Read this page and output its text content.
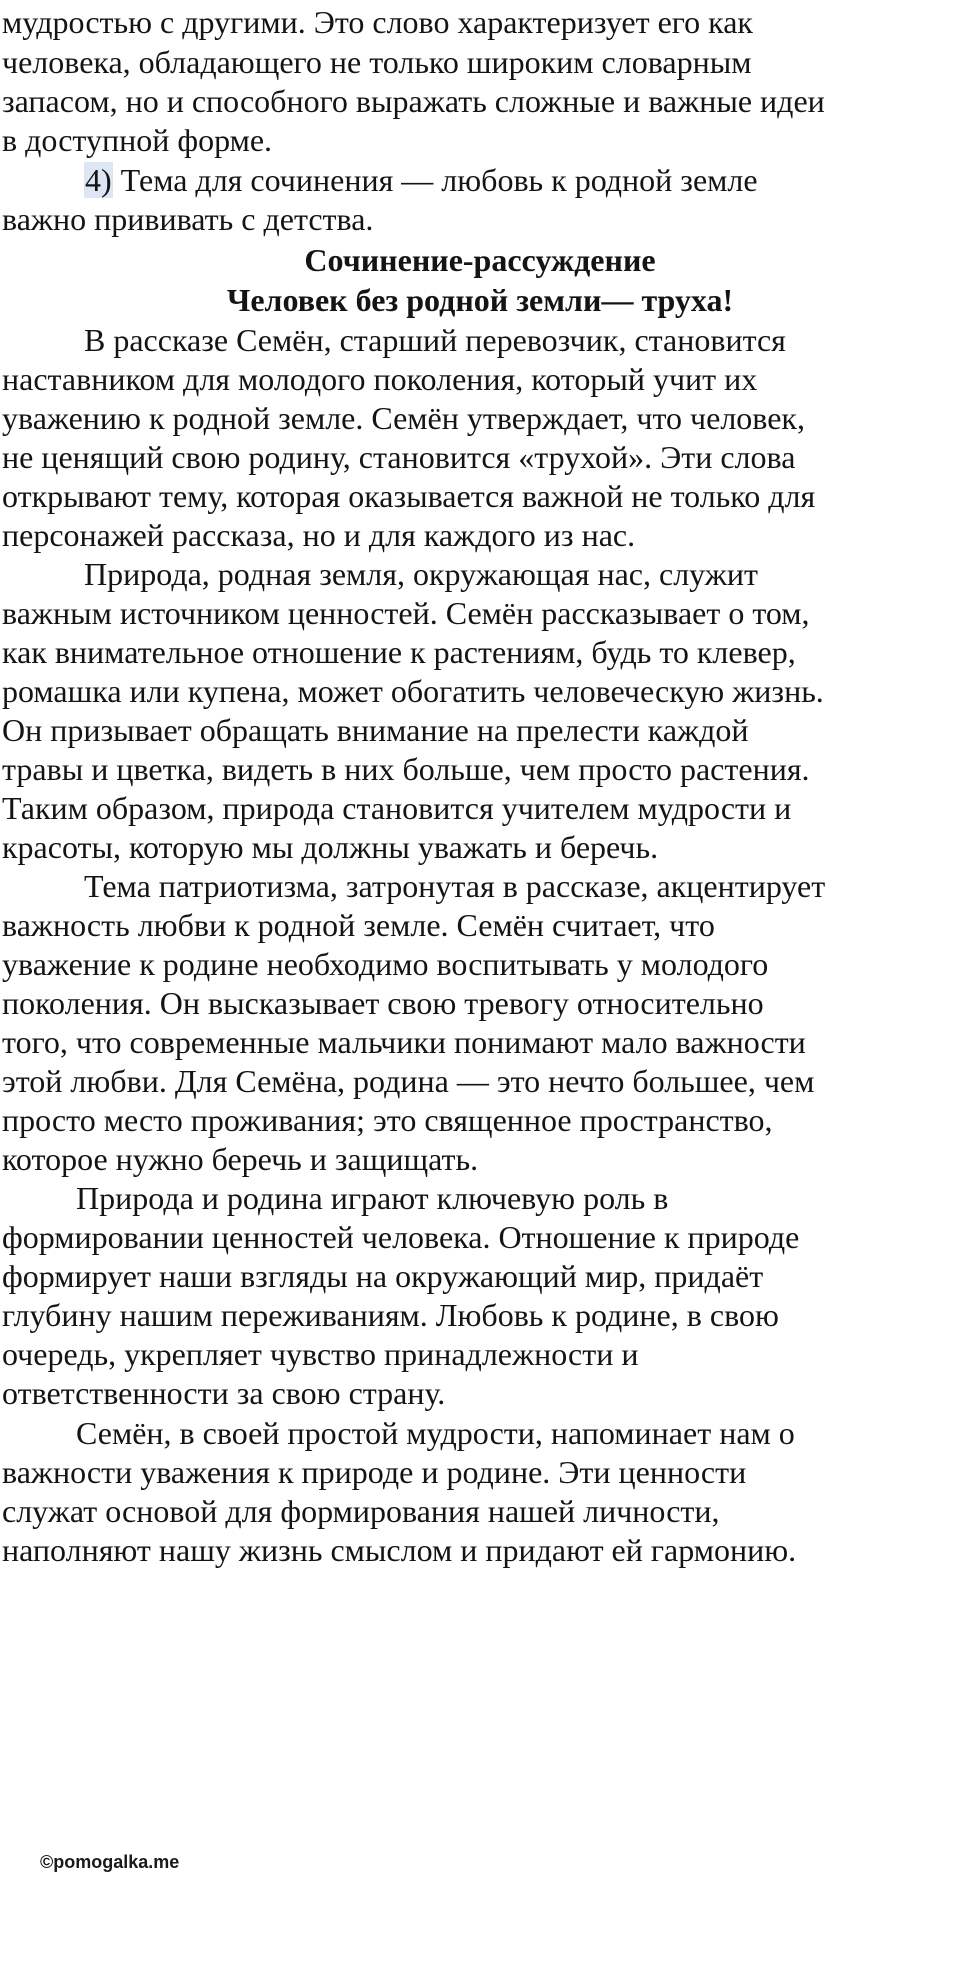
мудростью с другими. Это слово характеризует его как
человека, обладающего не только широким словарным
запасом, но и способного выражать сложные и важные идеи
в доступной форме.
4) Тема для сочинения — любовь к родной земле
важно прививать с детства.
Сочинение-рассуждение
Человек без родной земли— труха!
В рассказе Семён, старший перевозчик, становится
наставником для молодого поколения, который учит их
уважению к родной земле. Семён утверждает, что человек,
не ценящий свою родину, становится «трухой». Эти слова
открывают тему, которая оказывается важной не только для
персонажей рассказа, но и для каждого из нас.
Природа, родная земля, окружающая нас, служит
важным источником ценностей. Семён рассказывает о том,
как внимательное отношение к растениям, будь то клевер,
ромашка или купена, может обогатить человеческую жизнь.
Он призывает обращать внимание на прелести каждой
травы и цветка, видеть в них больше, чем просто растения.
Таким образом, природа становится учителем мудрости и
красоты, которую мы должны уважать и беречь.
Тема патриотизма, затронутая в рассказе, акцентирует
важность любви к родной земле. Семён считает, что
уважение к родине необходимо воспитывать у молодого
поколения. Он высказывает свою тревогу относительно
того, что современные мальчики понимают мало важности
этой любви. Для Семёна, родина — это нечто большее, чем
просто место проживания; это священное пространство,
которое нужно беречь и защищать.
Природа и родина играют ключевую роль в
формировании ценностей человека. Отношение к природе
формирует наши взгляды на окружающий мир, придаёт
глубину нашим переживаниям. Любовь к родине, в свою
очередь, укрепляет чувство принадлежности и
ответственности за свою страну.
Семён, в своей простой мудрости, напоминает нам о
важности уважения к природе и родине. Эти ценности
служат основой для формирования нашей личности,
наполняют нашу жизнь смыслом и придают ей гармонию.
©pomogalka.me
